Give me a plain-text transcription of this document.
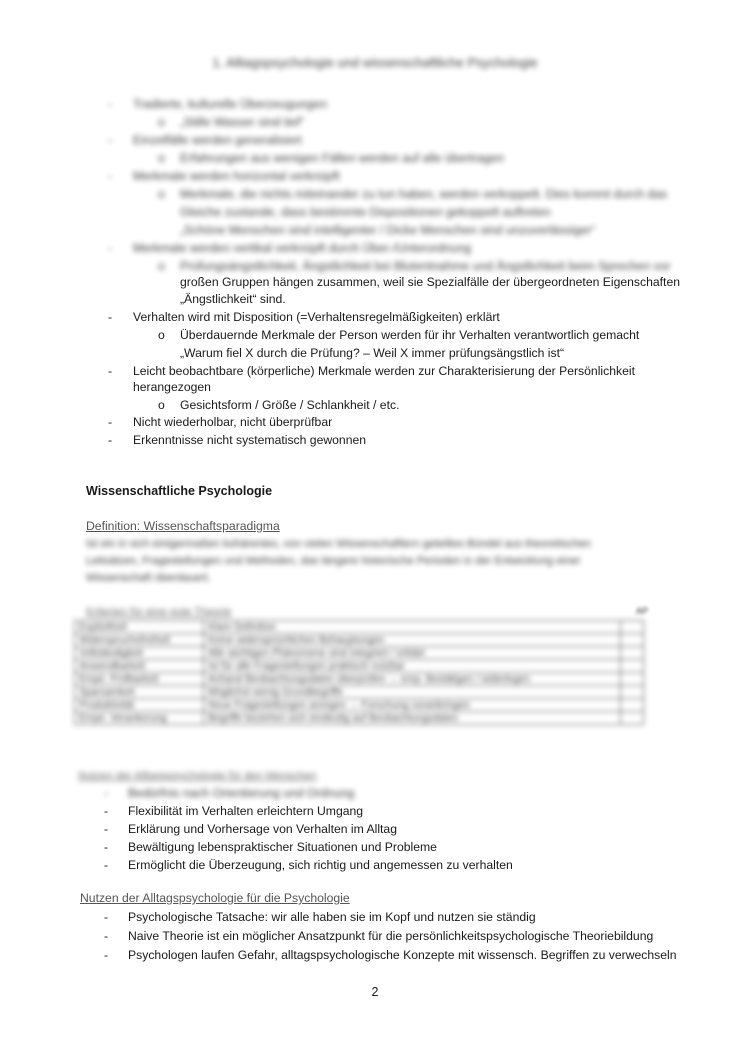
1. Alltagspsychologie und wissenschaftliche Psychologie
- Tradierte, kulturelle Überzeugungen
o „Stille Wasser sind tief“
- Einzelfälle werden generalisiert
o Erfahrungen aus wenigen Fällen werden auf alle übertragen
- Merkmale werden horizontal verknüpft
o Merkmale, die nichts miteinander zu tun haben, werden verkoppelt. Dies kommt durch das
Gleiche zustande, dass bestimmte Dispositionen gekoppelt auftreten
„Schöne Menschen sind intelligenter / Dicke Menschen sind unzuverlässiger“
- Merkmale werden vertikal verknüpft durch Über-/Unterordnung
o Prüfungsängstlichkeit, Ängstlichkeit bei Blutentnahme und Ängstlichkeit beim Sprechen vor
großen Gruppen hängen zusammen, weil sie Spezialfälle der übergeordneten Eigenschaften
„Ängstlichkeit“ sind.
- Verhalten wird mit Disposition (=Verhaltensregelmäßigkeiten) erklärt
o Überdauernde Merkmale der Person werden für ihr Verhalten verantwortlich gemacht
„Warum fiel X durch die Prüfung? – Weil X immer prüfungsängstlich ist“
- Leicht beobachtbare (körperliche) Merkmale werden zur Charakterisierung der Persönlichkeit
herangezogen
o Gesichtsform / Größe / Schlankheit / etc.
- Nicht wiederholbar, nicht überprüfbar
- Erkenntnisse nicht systematisch gewonnen
Wissenschaftliche Psychologie
Definition: Wissenschaftsparadigma
Ist ein in sich einigermaßen kohärentes, von vielen Wissenschaftlern geteiltes Bündel aus theoretischen
Leitsätzen, Fragestellungen und Methoden, das längere historische Perioden in der Entwicklung einer
Wissenschaft überdauert.
Kriterien für eine gute Theorie	AP
Explizitheit	Klare Definition	
Widerspruchsfreiheit	Keine widersprüchlichen Behauptungen	
Vollständigkeit	Alle wichtigen Phänomene sind integriert / erklärt	
Anwendbarkeit	Ist für alle Fragestellungen praktisch nutzbar	
Empir. Prüfbarkeit	Anhand Beobachtungsdaten überprüfen → emp. Bestätigen / widerlegen	
Sparsamkeit	Möglichst wenig Grundbegriffe	
Produktivität	Neue Fragestellungen anregen → Forschung voranbringen	
Empir. Verankerung	Begriffe beziehen sich eindeutig auf Beobachtungsdaten	
Nutzen der Alltagspsychologie für den Menschen
- Bedürfnis nach Orientierung und Ordnung
- Flexibilität im Verhalten erleichtern Umgang
- Erklärung und Vorhersage von Verhalten im Alltag
- Bewältigung lebenspraktischer Situationen und Probleme
- Ermöglicht die Überzeugung, sich richtig und angemessen zu verhalten
Nutzen der Alltagspsychologie für die Psychologie
- Psychologische Tatsache: wir alle haben sie im Kopf und nutzen sie ständig
- Naive Theorie ist ein möglicher Ansatzpunkt für die persönlichkeitspsychologische Theoriebildung
- Psychologen laufen Gefahr, alltagspsychologische Konzepte mit wissensch. Begriffen zu verwechseln
2
